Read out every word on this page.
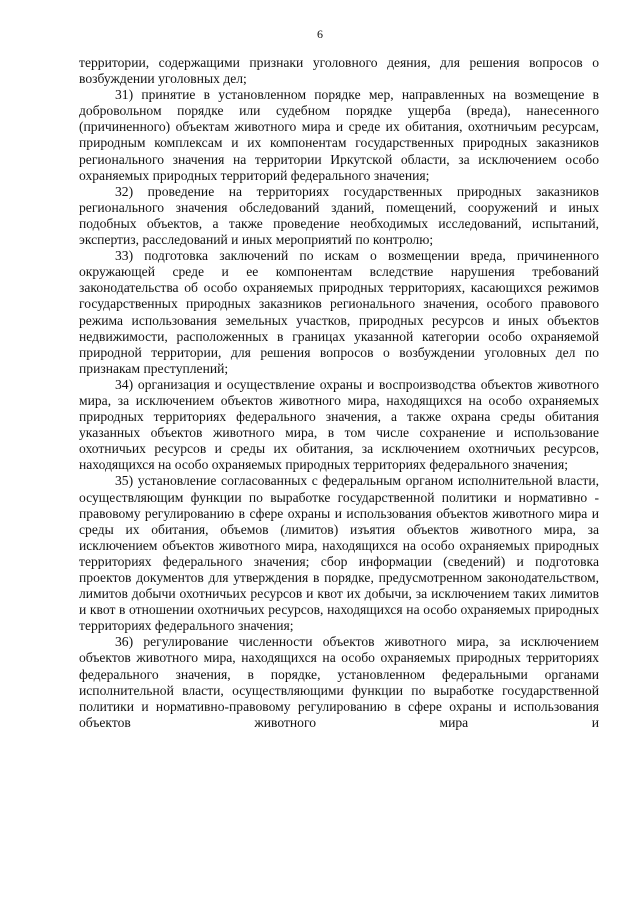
6

территории, содержащими признаки уголовного деяния, для решения вопросов о возбуждении уголовных дел;

31) принятие в установленном порядке мер, направленных на возмещение в добровольном порядке или судебном порядке ущерба (вреда), нанесенного (причиненного) объектам животного мира и среде их обитания, охотничьим ресурсам, природным комплексам и их компонентам государственных природных заказников регионального значения на территории Иркутской области, за исключением особо охраняемых природных территорий федерального значения;

32) проведение на территориях государственных природных заказников регионального значения обследований зданий, помещений, сооружений и иных подобных объектов, а также проведение необходимых исследований, испытаний, экспертиз, расследований и иных мероприятий по контролю;

33) подготовка заключений по искам о возмещении вреда, причиненного окружающей среде и ее компонентам вследствие нарушения требований законодательства об особо охраняемых природных территориях, касающихся режимов государственных природных заказников регионального значения, особого правового режима использования земельных участков, природных ресурсов и иных объектов недвижимости, расположенных в границах указанной категории особо охраняемой природной территории, для решения вопросов о возбуждении уголовных дел по признакам преступлений;

34) организация и осуществление охраны и воспроизводства объектов животного мира, за исключением объектов животного мира, находящихся на особо охраняемых природных территориях федерального значения, а также охрана среды обитания указанных объектов животного мира, в том числе сохранение и использование охотничьих ресурсов и среды их обитания, за исключением охотничьих ресурсов, находящихся на особо охраняемых природных территориях федерального значения;

35) установление согласованных с федеральным органом исполнительной власти, осуществляющим функции по выработке государственной политики и нормативно - правовому регулированию в сфере охраны и использования объектов животного мира и среды их обитания, объемов (лимитов) изъятия объектов животного мира, за исключением объектов животного мира, находящихся на особо охраняемых природных территориях федерального значения; сбор информации (сведений) и подготовка проектов документов для утверждения в порядке, предусмотренном законодательством, лимитов добычи охотничьих ресурсов и квот их добычи, за исключением таких лимитов и квот в отношении охотничьих ресурсов, находящихся на особо охраняемых природных территориях федерального значения;

36) регулирование численности объектов животного мира, за исключением объектов животного мира, находящихся на особо охраняемых природных территориях федерального значения, в порядке, установленном федеральными органами исполнительной власти, осуществляющими функции по выработке государственной политики и нормативно-правовому регулированию в сфере охраны и использования объектов животного мира и
